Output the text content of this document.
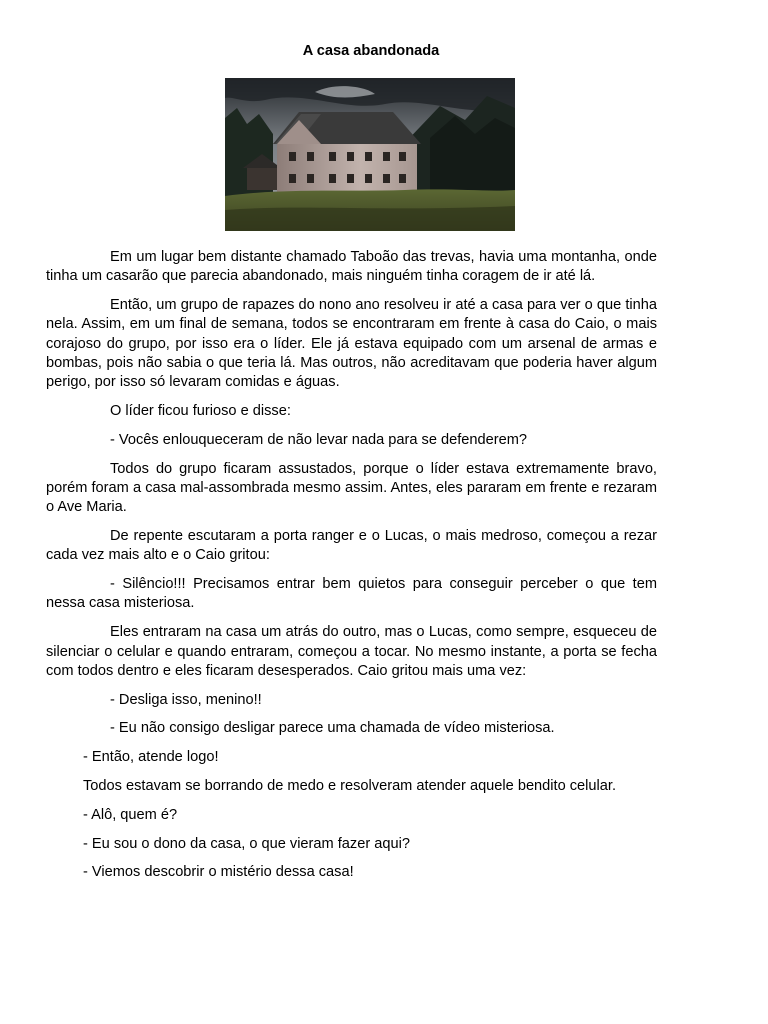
A casa abandonada

Em um lugar bem distante chamado Taboão das trevas, havia uma montanha, onde tinha um casarão que parecia abandonado, mais ninguém tinha coragem de ir até lá.

Então, um grupo de rapazes do nono ano resolveu ir até a casa para ver o que tinha nela. Assim, em um final de semana, todos se encontraram em frente à casa do Caio, o mais corajoso do grupo, por isso era o líder. Ele já estava equipado com um arsenal de armas e bombas, pois não sabia o que teria lá. Mas outros, não acreditavam que poderia haver algum perigo, por isso só levaram comidas e águas.

O líder ficou furioso e disse:

- Vocês enlouqueceram de não levar nada para se defenderem?

Todos do grupo ficaram assustados, porque o líder estava extremamente bravo, porém foram a casa mal-assombrada mesmo assim. Antes, eles pararam em frente e rezaram o Ave Maria.

De repente escutaram a porta ranger e o Lucas, o mais medroso, começou a rezar cada vez mais alto e o Caio gritou:

- Silêncio!!! Precisamos entrar bem quietos para conseguir perceber o que tem nessa casa misteriosa.

Eles entraram na casa um atrás do outro, mas o Lucas, como sempre, esqueceu de silenciar o celular e quando entraram, começou a tocar. No mesmo instante, a porta se fecha com todos dentro e eles ficaram desesperados. Caio gritou mais uma vez:

- Desliga isso, menino!!

- Eu não consigo desligar parece uma chamada de vídeo misteriosa.

- Então, atende logo!

Todos estavam se borrando de medo e resolveram atender aquele bendito celular.

- Alô, quem é?

- Eu sou o dono da casa, o que vieram fazer aqui?

- Viemos descobrir o mistério dessa casa!
